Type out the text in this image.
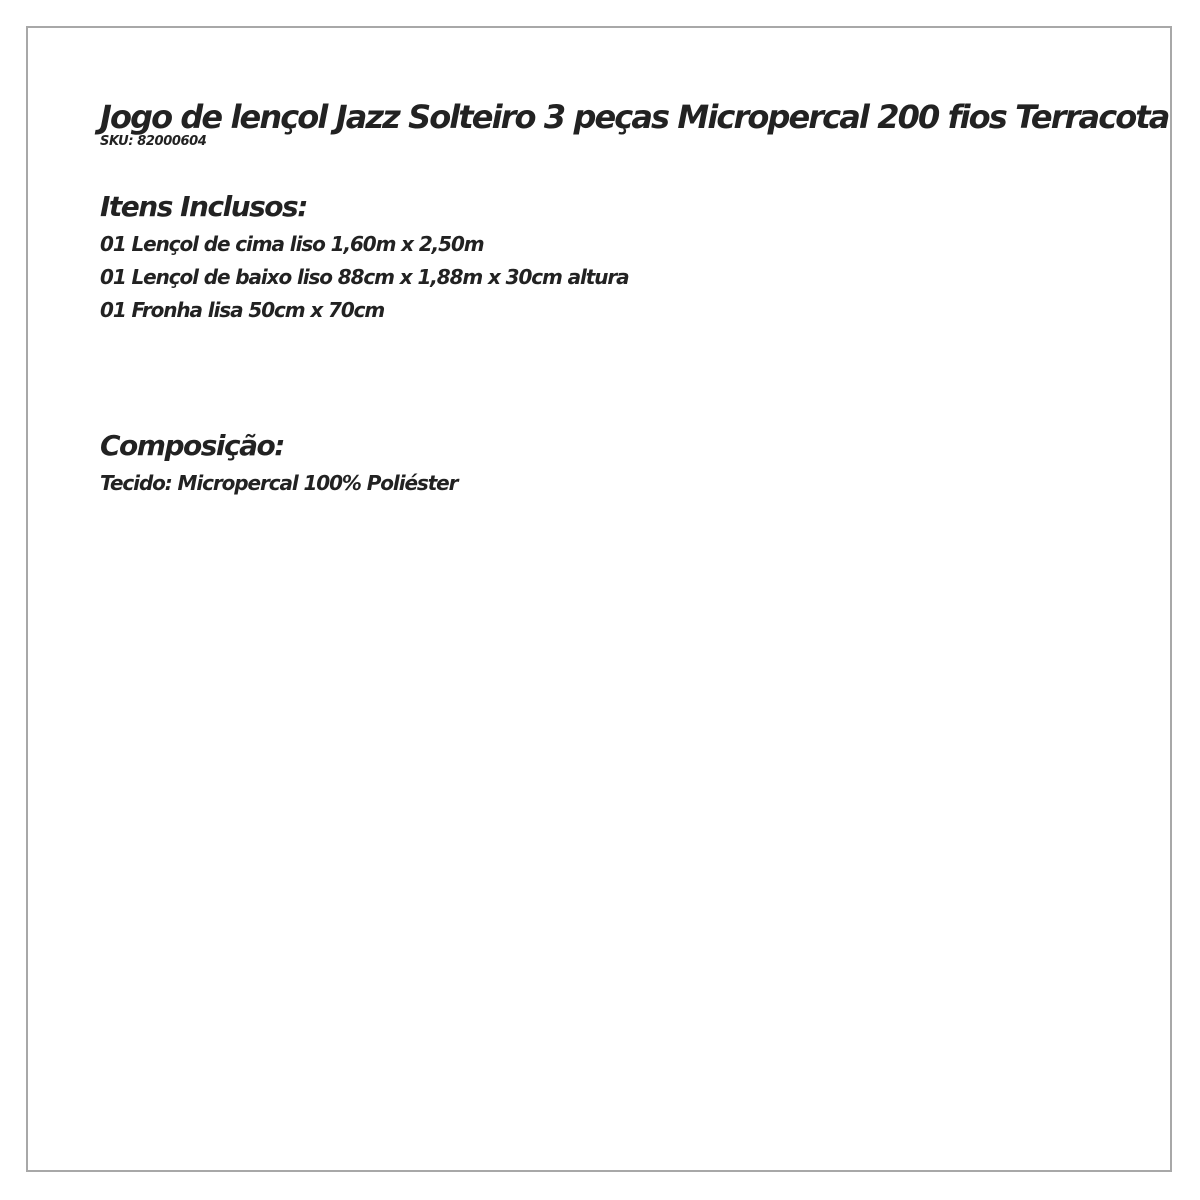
Jogo de lençol Jazz Solteiro 3 peças Micropercal 200 fios Terracota
SKU: 82000604
Itens Inclusos:
01 Lençol de cima liso 1,60m x 2,50m
01 Lençol de baixo liso 88cm x 1,88m x 30cm altura
01 Fronha lisa 50cm x 70cm
Composição:
Tecido: Micropercal 100% Poliéster
